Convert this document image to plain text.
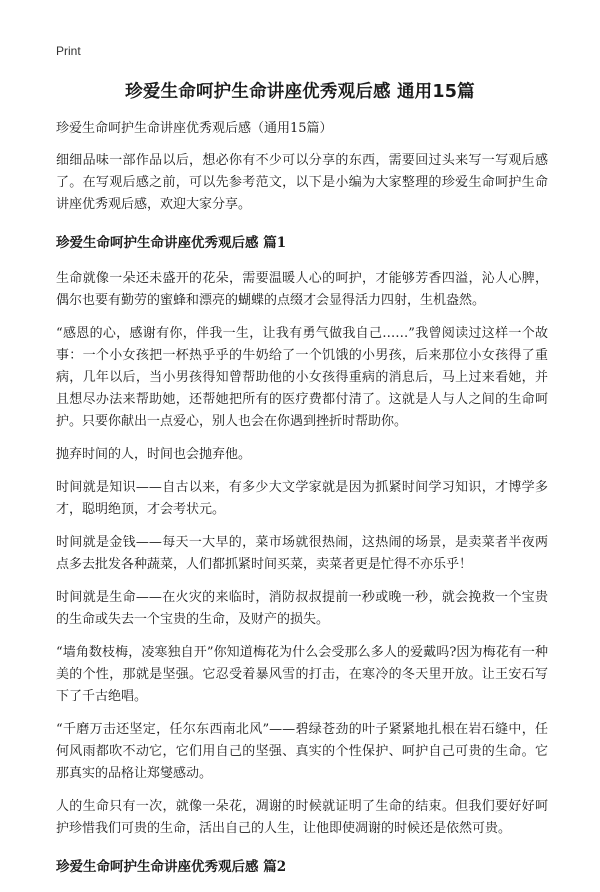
Print
珍爱生命呵护生命讲座优秀观后感 通用15篇
珍爱生命呵护生命讲座优秀观后感（通用15篇）

细细品味一部作品以后，想必你有不少可以分享的东西，需要回过头来写一写观后感了。在写观后感之前，可以先参考范文，以下是小编为大家整理的珍爱生命呵护生命讲座优秀观后感，欢迎大家分享。

珍爱生命呵护生命讲座优秀观后感 篇1

生命就像一朵还未盛开的花朵，需要温暖人心的呵护，才能够芳香四溢，沁人心脾，偶尔也要有勤劳的蜜蜂和漂亮的蝴蝶的点缀才会显得活力四射，生机盎然。

“感恩的心，感谢有你，伴我一生，让我有勇气做我自己……”我曾阅读过这样一个故事：一个小女孩把一杯热乎乎的牛奶给了一个饥饿的小男孩，后来那位小女孩得了重病，几年以后，当小男孩得知曾帮助他的小女孩得重病的消息后，马上过来看她，并且想尽办法来帮助她，还帮她把所有的医疗费都付清了。这就是人与人之间的生命呵护。只要你献出一点爱心，别人也会在你遇到挫折时帮助你。

抛弃时间的人，时间也会抛弃他。

时间就是知识——自古以来，有多少大文学家就是因为抓紧时间学习知识，才博学多才，聪明绝顶，才会考状元。

时间就是金钱——每天一大早的，菜市场就很热闹，这热闹的场景，是卖菜者半夜两点多去批发各种蔬菜，人们都抓紧时间买菜，卖菜者更是忙得不亦乐乎！

时间就是生命——在火灾的来临时，消防叔叔提前一秒或晚一秒，就会挽救一个宝贵的生命或失去一个宝贵的生命，及财产的损失。

“墙角数枝梅，凌寒独自开”你知道梅花为什么会受那么多人的爱戴吗?因为梅花有一种美的个性，那就是坚强。它忍受着暴风雪的打击，在寒冷的冬天里开放。让王安石写下了千古绝唱。

“千磨万击还坚定，任尔东西南北风”——碧绿苍劲的叶子紧紧地扎根在岩石缝中，任何风雨都吹不动它，它们用自己的坚强、真实的个性保护、呵护自己可贵的生命。它那真实的品格让郑燮感动。

人的生命只有一次，就像一朵花，凋谢的时候就证明了生命的结束。但我们要好好呵护珍惜我们可贵的生命，活出自己的人生，让他即使凋谢的时候还是依然可贵。

珍爱生命呵护生命讲座优秀观后感 篇2
